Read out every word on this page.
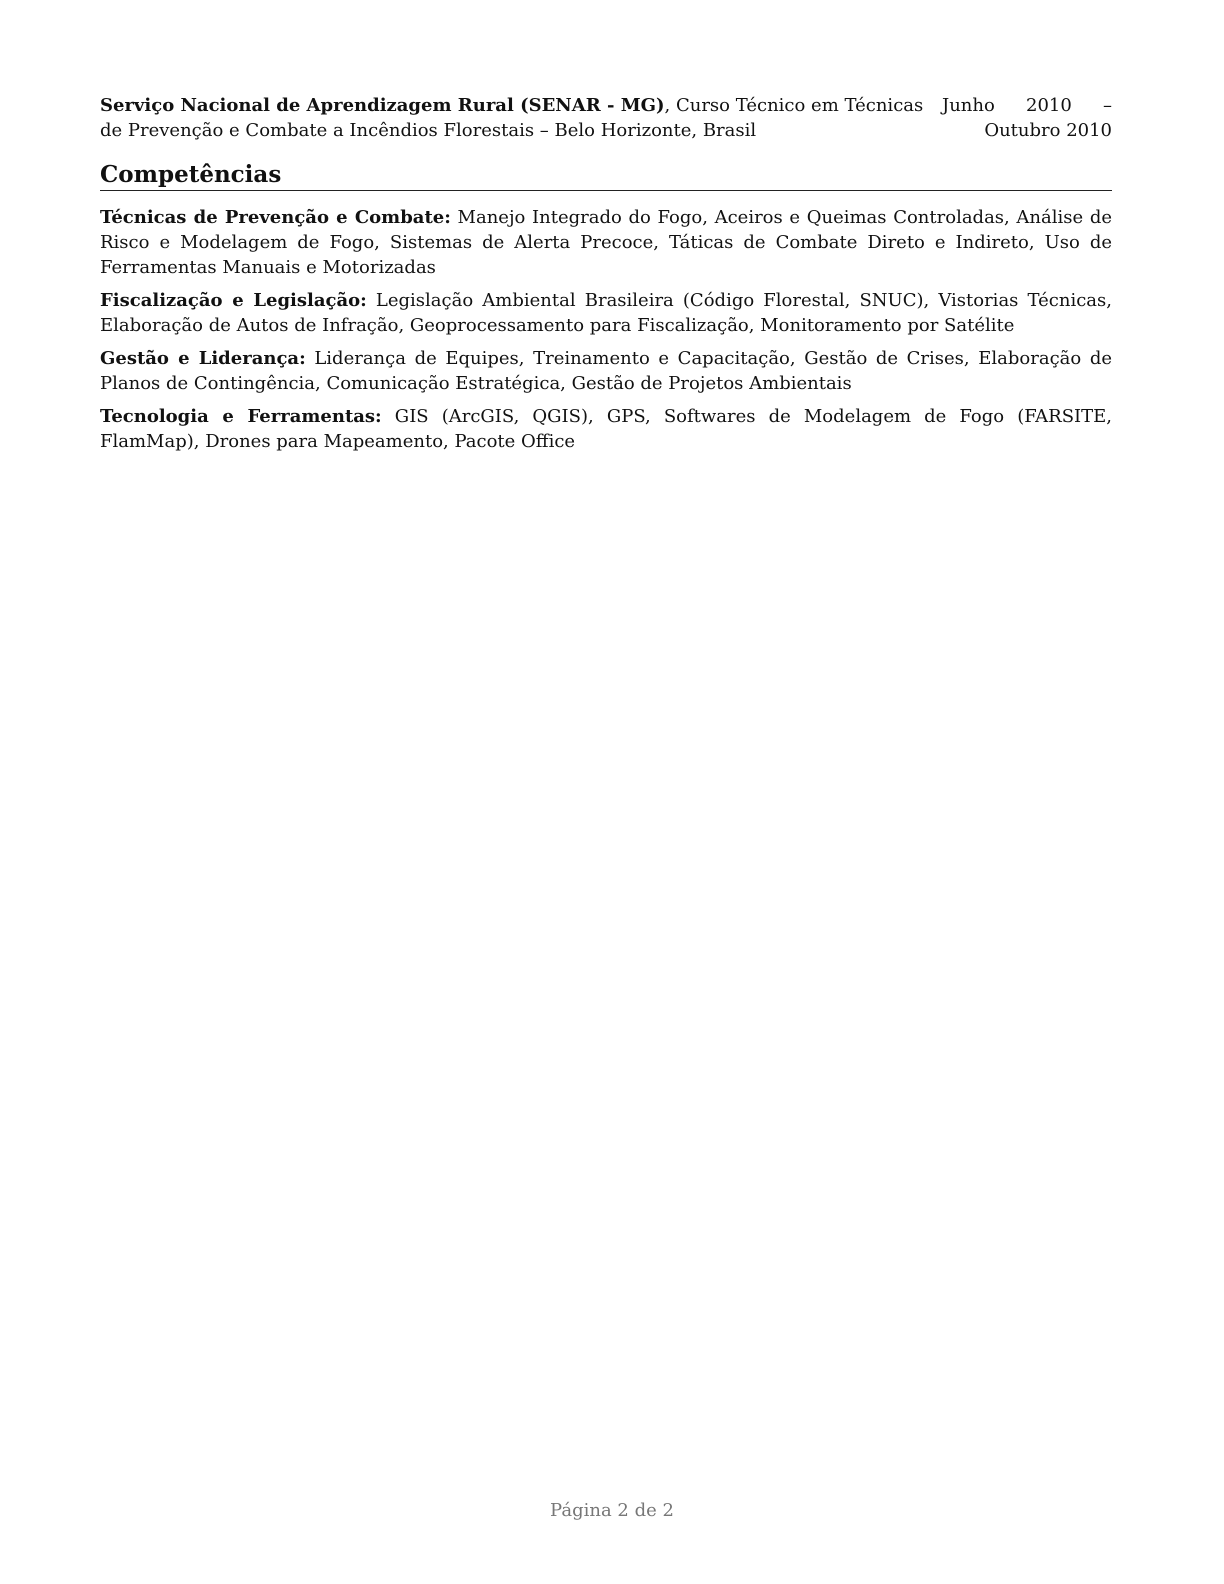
Serviço Nacional de Aprendizagem Rural (SENAR - MG), Curso Técnico em Técnicas de Prevenção e Combate a Incêndios Florestais – Belo Horizonte, Brasil
Junho 2010 – Outubro 2010
Competências
Técnicas de Prevenção e Combate: Manejo Integrado do Fogo, Aceiros e Queimas Controladas, Análise de Risco e Modelagem de Fogo, Sistemas de Alerta Precoce, Táticas de Combate Direto e Indireto, Uso de Ferramentas Manuais e Motorizadas
Fiscalização e Legislação: Legislação Ambiental Brasileira (Código Florestal, SNUC), Vistorias Técnicas, Elaboração de Autos de Infração, Geoprocessamento para Fiscalização, Monitoramento por Satélite
Gestão e Liderança: Liderança de Equipes, Treinamento e Capacitação, Gestão de Crises, Elaboração de Planos de Contingência, Comunicação Estratégica, Gestão de Projetos Ambientais
Tecnologia e Ferramentas: GIS (ArcGIS, QGIS), GPS, Softwares de Modelagem de Fogo (FARSITE, FlamMap), Drones para Mapeamento, Pacote Office
Página 2 de 2
